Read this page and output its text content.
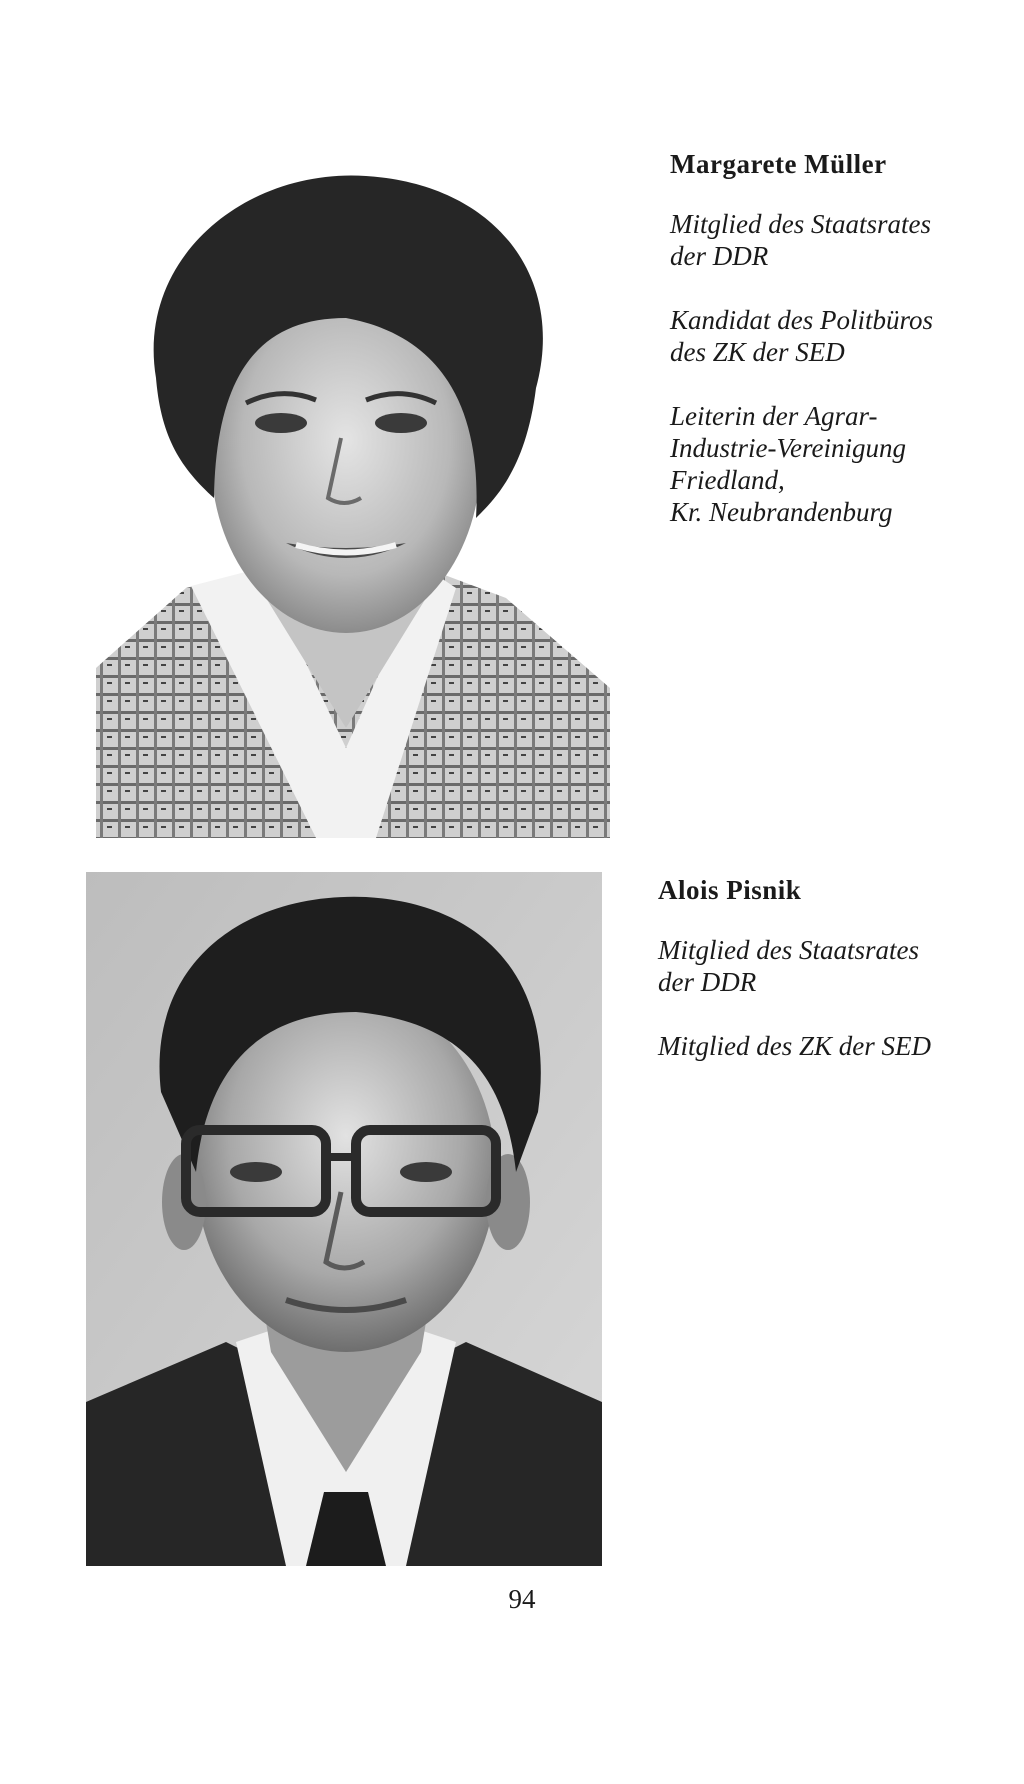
Margarete Müller
Mitglied des Staatsrates
der DDR
Kandidat des Politbüros
des ZK der SED
Leiterin der Agrar-
Industrie-Vereinigung
Friedland,
Kr. Neubrandenburg
Alois Pisnik
Mitglied des Staatsrates
der DDR
Mitglied des ZK der SED
94
